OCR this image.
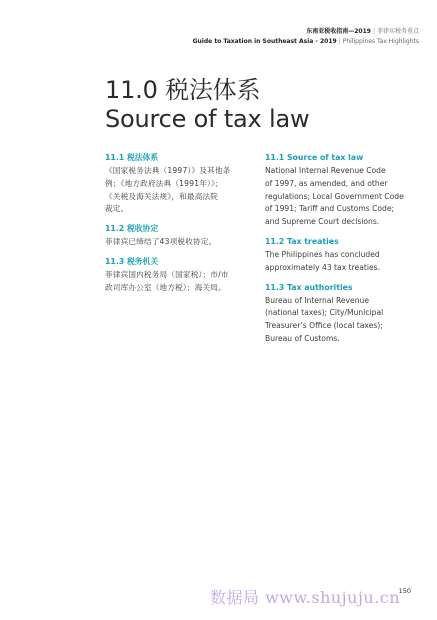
东南亚税收指南—2019 | 菲律宾税务重点
Guide to Taxation in Southeast Asia - 2019 | Philippines Tax Highlights
11.0 税法体系
Source of tax law
11.1 税法体系
《国家税务法典（1997）》及其他条
例；《地方政府法典（1991年）》；
《关税及海关法规》，和最高法院
裁定。
11.2 税收协定
菲律宾已缔结了43项税收协定。
11.3 税务机关
菲律宾国内税务局（国家税）；市/市
政司库办公室（地方税）；海关局。
11.1 Source of tax law
National Internal Revenue Code
of 1997, as amended, and other
regulations; Local Government Code
of 1991; Tariff and Customs Code;
and Supreme Court decisions.
11.2 Tax treaties
The Philippines has concluded
approximately 43 tax treaties.
11.3 Tax authorities
Bureau of Internal Revenue
(national taxes); City/Municipal
Treasurer’s Office (local taxes);
Bureau of Customs.
数据局 www.shujuju.cn
150
